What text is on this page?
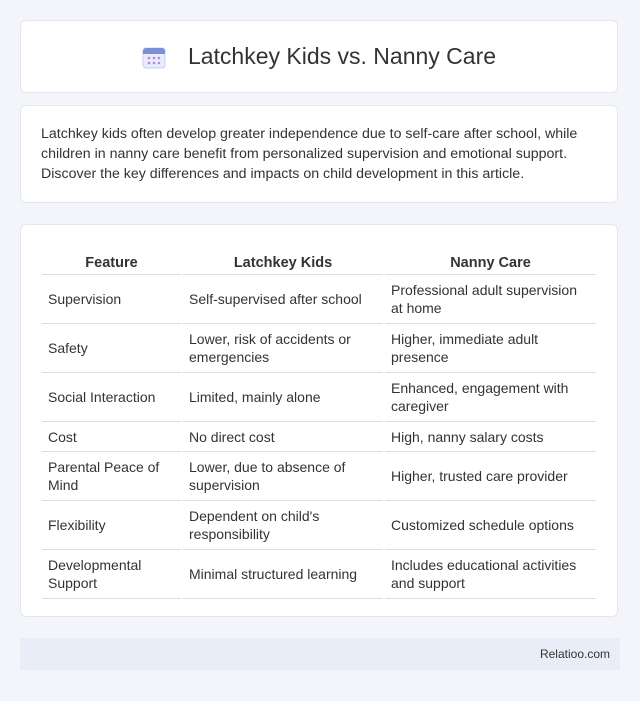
Latchkey Kids vs. Nanny Care

Latchkey kids often develop greater independence due to self-care after school, while children in nanny care benefit from personalized supervision and emotional support. Discover the key differences and impacts on child development in this article.

Feature	Latchkey Kids	Nanny Care
Supervision	Self-supervised after school	Professional adult supervision at home
Safety	Lower, risk of accidents or emergencies	Higher, immediate adult presence
Social Interaction	Limited, mainly alone	Enhanced, engagement with caregiver
Cost	No direct cost	High, nanny salary costs
Parental Peace of Mind	Lower, due to absence of supervision	Higher, trusted care provider
Flexibility	Dependent on child's responsibility	Customized schedule options
Developmental Support	Minimal structured learning	Includes educational activities and support
Relatioo.com
